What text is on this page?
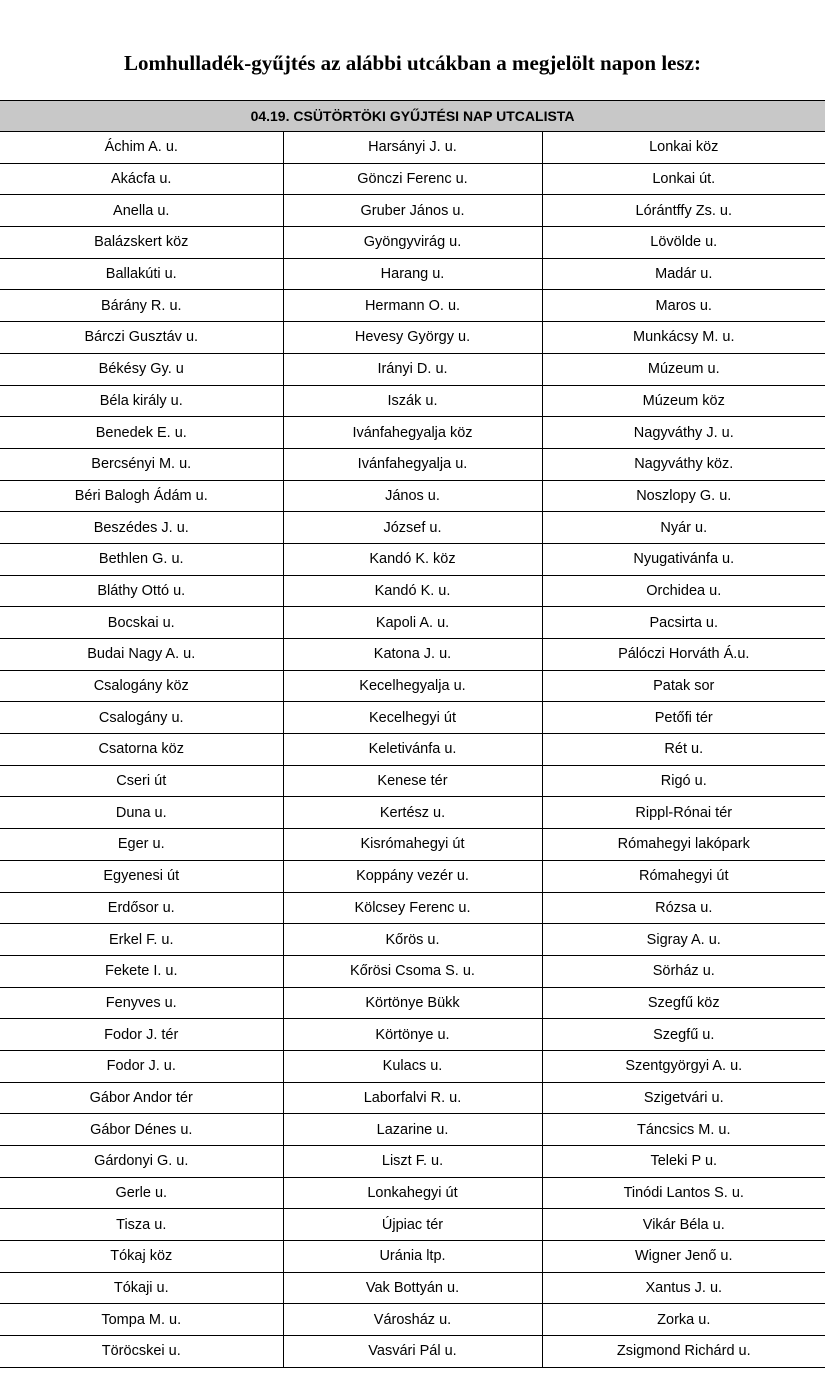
Lomhulladék-gyűjtés az alábbi utcákban a megjelölt napon lesz:
04.19. CSÜTÖRTÖKI GYŰJTÉSI NAP UTCALISTA		
Áchim A. u.	Harsányi J. u.	Lonkai köz
Akácfa u.	Gönczi Ferenc u.	Lonkai út.
Anella u.	Gruber János u.	Lórántffy Zs. u.
Balázskert köz	Gyöngyvirág u.	Lövölde u.
Ballakúti u.	Harang u.	Madár u.
Bárány R. u.	Hermann O. u.	Maros u.
Bárczi Gusztáv u.	Hevesy György u.	Munkácsy M. u.
Békésy Gy. u	Irányi D. u.	Múzeum u.
Béla király u.	Iszák u.	Múzeum köz
Benedek E. u.	Ivánfahegyalja köz	Nagyváthy J. u.
Bercsényi M. u.	Ivánfahegyalja u.	Nagyváthy köz.
Béri Balogh Ádám u.	János u.	Noszlopy G. u.
Beszédes J. u.	József u.	Nyár u.
Bethlen G. u.	Kandó K. köz	Nyugativánfa u.
Bláthy Ottó u.	Kandó K. u.	Orchidea u.
Bocskai u.	Kapoli A. u.	Pacsirta u.
Budai Nagy A. u.	Katona J. u.	Pálóczi Horváth Á.u.
Csalogány köz	Kecelhegyalja u.	Patak sor
Csalogány u.	Kecelhegyi út	Petőfi tér
Csatorna köz	Keletivánfa u.	Rét u.
Cseri út	Kenese tér	Rigó u.
Duna u.	Kertész u.	Rippl-Rónai tér
Eger u.	Kisrómahegyi út	Rómahegyi lakópark
Egyenesi út	Koppány vezér u.	Rómahegyi út
Erdősor u.	Kölcsey Ferenc u.	Rózsa u.
Erkel F. u.	Kőrös u.	Sigray A. u.
Fekete I. u.	Kőrösi Csoma S. u.	Sörház u.
Fenyves u.	Körtönye Bükk	Szegfű köz
Fodor J. tér	Körtönye u.	Szegfű u.
Fodor J. u.	Kulacs u.	Szentgyörgyi A. u.
Gábor Andor tér	Laborfalvi R. u.	Szigetvári u.
Gábor Dénes u.	Lazarine u.	Táncsics M. u.
Gárdonyi G. u.	Liszt F. u.	Teleki P u.
Gerle u.	Lonkahegyi út	Tinódi Lantos S. u.
Tisza u.	Újpiac tér	Vikár Béla u.
Tókaj köz	Uránia ltp.	Wigner Jenő u.
Tókaji u.	Vak Bottyán u.	Xantus J. u.
Tompa M. u.	Városház u.	Zorka u.
Töröcskei u.	Vasvári Pál u.	Zsigmond Richárd u.
